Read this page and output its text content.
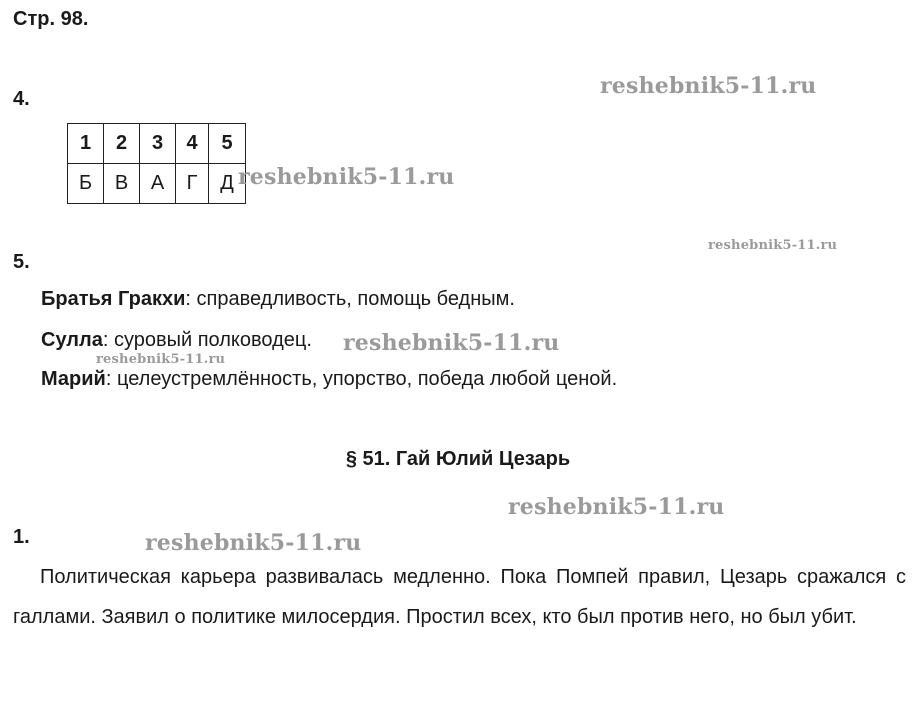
Стр. 98.
reshebnik5-11.ru
4.
1	2	3	4	5
Б	В	А	Г	Д reshebnik5-11.ru
reshebnik5-11.ru
5.
Братья Гракхи: справедливость, помощь бедным.
Сулла: суровый полководец. reshebnik5-11.ru
reshebnik5-11.ru
Марий: целеустремлённость, упорство, победа любой ценой.
§ 51. Гай Юлий Цезарь
reshebnik5-11.ru
1.	reshebnik5-11.ru
Политическая карьера развивалась медленно. Пока Помпей правил, Цезарь сражался с галлами. Заявил о политике милосердия. Простил всех, кто был против него, но был убит.
